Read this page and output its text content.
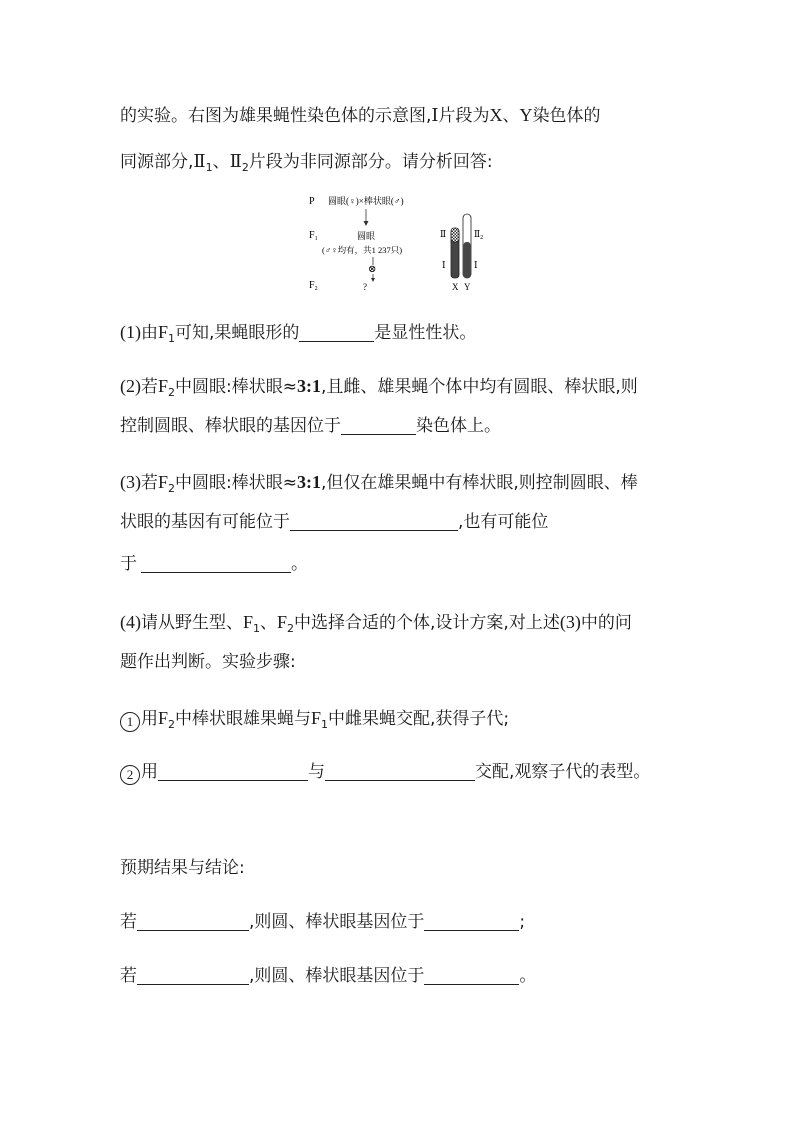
的实验。右图为雄果蝇性染色体的示意图,Ⅰ片段为X、Y染色体的
同源部分$,Ⅱ_1$、$Ⅱ_2$片段为非同源部分。请分析回答:
P 圆眼(♀)×棒状眼(♂)
$F_1$	圆眼
(♂♀均有，共1 237只)
⊗
$F_2$	?
Ⅱ
Ⅰ	Ⅰ
$Ⅱ_2$
X Y
(1)由$F_1$可知,果蝇眼形的	是显性性状。
(2)若$F_2$中圆眼:棒状眼≈3:1,且雌、雄果蝇个体中均有圆眼、棒状眼,则
控制圆眼、棒状眼的基因位于	染色体上。
(3)若$F_2$中圆眼:棒状眼≈3:1,但仅在雄果蝇中有棒状眼,则控制圆眼、棒
状眼的基因有可能位于	,也有可能位
于	。
(4)请从野生型、$F_1$、$F_2$中选择合适的个体,设计方案,对上述(3)中的问
题作出判断。实验步骤:
1 用$F_2$中棒状眼雄果蝇与$F_1$中雌果蝇交配,获得子代;
2 用	与	交配,观察子代的表型。
预期结果与结论:
若	,则圆、棒状眼基因位于	;
若	,则圆、棒状眼基因位于	。
